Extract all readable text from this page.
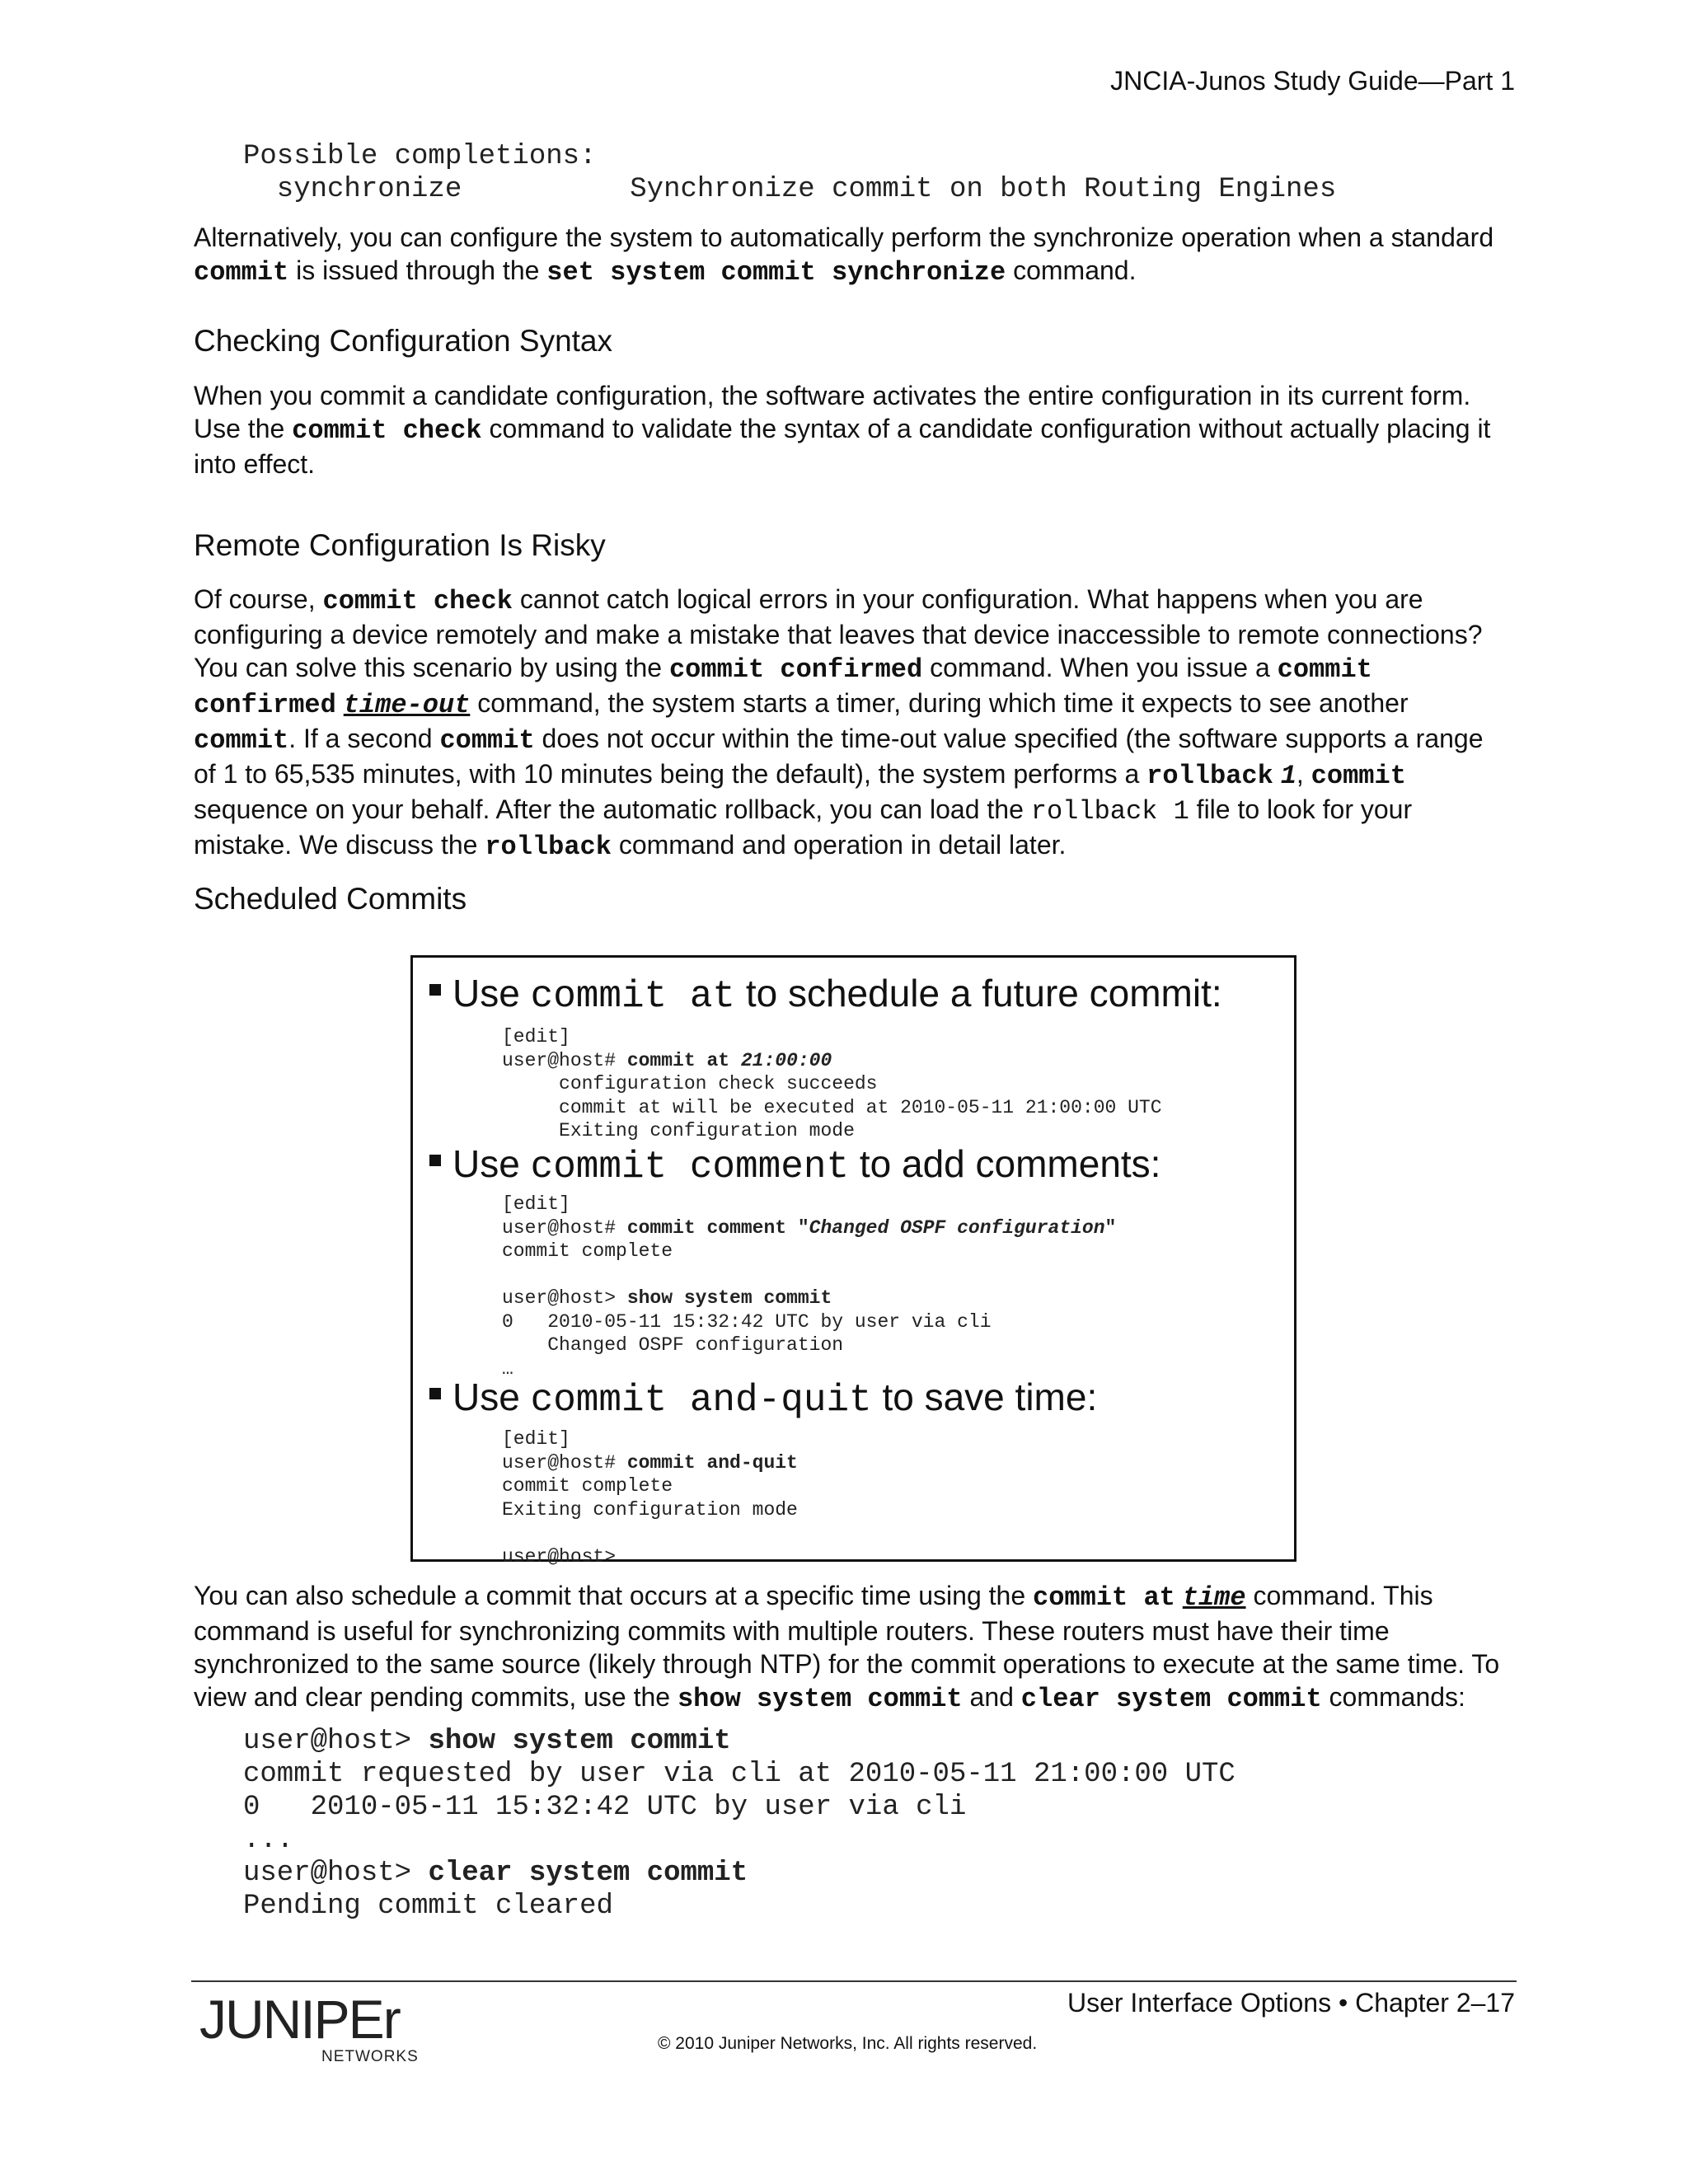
JNCIA-Junos Study Guide—Part 1
Possible completions:
synchronize          Synchronize commit on both Routing Engines
Alternatively, you can configure the system to automatically perform the synchronize operation when a standard commit is issued through the set system commit synchronize command.
Checking Configuration Syntax
When you commit a candidate configuration, the software activates the entire configuration in its current form. Use the commit check command to validate the syntax of a candidate configuration without actually placing it into effect.
Remote Configuration Is Risky
Of course, commit check cannot catch logical errors in your configuration. What happens when you are configuring a device remotely and make a mistake that leaves that device inaccessible to remote connections? You can solve this scenario by using the commit confirmed command. When you issue a commit confirmed time-out command, the system starts a timer, during which time it expects to see another commit. If a second commit does not occur within the time-out value specified (the software supports a range of 1 to 65,535 minutes, with 10 minutes being the default), the system performs a rollback 1, commit sequence on your behalf. After the automatic rollback, you can load the rollback 1 file to look for your mistake. We discuss the rollback command and operation in detail later.
Scheduled Commits
Use commit at to schedule a future commit:
[edit]
user@host# commit at 21:00:00
configuration check succeeds
commit at will be executed at 2010-05-11 21:00:00 UTC
Exiting configuration mode
Use commit comment to add comments:
[edit]
user@host# commit comment "Changed OSPF configuration"
commit complete

user@host> show system commit
0   2010-05-11 15:32:42 UTC by user via cli
Changed OSPF configuration
…
Use commit and-quit to save time:
[edit]
user@host# commit and-quit
commit complete
Exiting configuration mode

user@host>
You can also schedule a commit that occurs at a specific time using the commit at time command. This command is useful for synchronizing commits with multiple routers. These routers must have their time synchronized to the same source (likely through NTP) for the commit operations to execute at the same time. To view and clear pending commits, use the show system commit and clear system commit commands:
user@host> show system commit
commit requested by user via cli at 2010-05-11 21:00:00 UTC
0   2010-05-11 15:32:42 UTC by user via cli
...
user@host> clear system commit
Pending commit cleared
User Interface Options • Chapter 2–17
© 2010 Juniper Networks, Inc. All rights reserved.
JUNIPEr
NETWORKS
